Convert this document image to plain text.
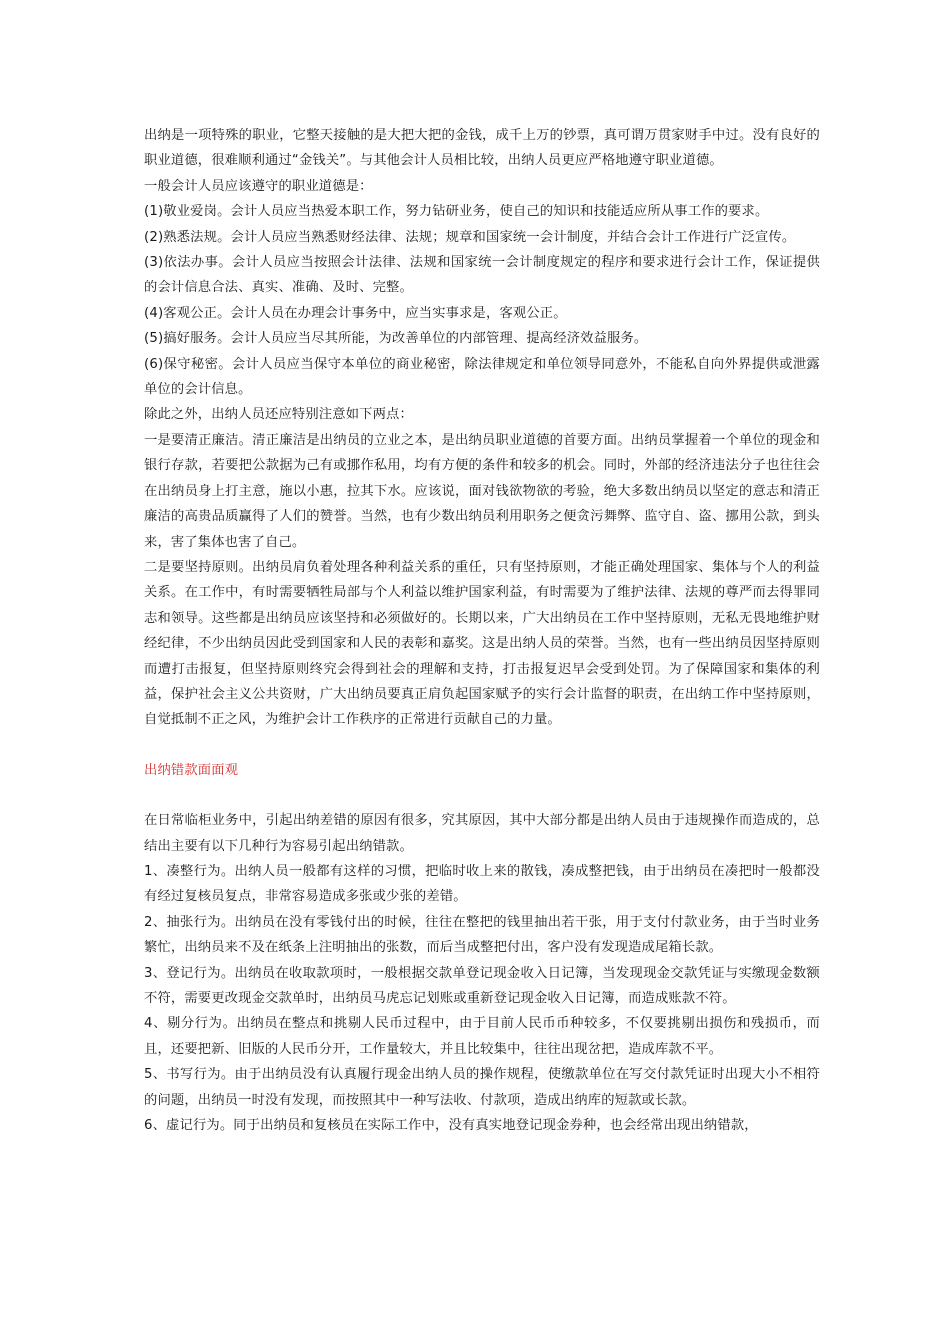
出纳是一项特殊的职业，它整天接触的是大把大把的金钱，成千上万的钞票，真可谓万贯家财手中过。没有良好的职业道德，很难顺利通过“金钱关”。与其他会计人员相比较，出纳人员更应严格地遵守职业道德。

一般会计人员应该遵守的职业道德是：

(1)敬业爱岗。会计人员应当热爱本职工作，努力钻研业务，使自己的知识和技能适应所从事工作的要求。

(2)熟悉法规。会计人员应当熟悉财经法律、法规；规章和国家统一会计制度，并结合会计工作进行广泛宣传。

(3)依法办事。会计人员应当按照会计法律、法规和国家统一会计制度规定的程序和要求进行会计工作，保证提供的会计信息合法、真实、准确、及时、完整。

(4)客观公正。会计人员在办理会计事务中，应当实事求是，客观公正。

(5)搞好服务。会计人员应当尽其所能，为改善单位的内部管理、提高经济效益服务。

(6)保守秘密。会计人员应当保守本单位的商业秘密，除法律规定和单位领导同意外，不能私自向外界提供或泄露单位的会计信息。

除此之外，出纳人员还应特别注意如下两点：

一是要清正廉洁。清正廉洁是出纳员的立业之本，是出纳员职业道德的首要方面。出纳员掌握着一个单位的现金和银行存款，若要把公款据为己有或挪作私用，均有方便的条件和较多的机会。同时，外部的经济违法分子也往往会在出纳员身上打主意，施以小惠，拉其下水。应该说，面对钱欲物欲的考验，绝大多数出纳员以坚定的意志和清正廉洁的高贵品质赢得了人们的赞誉。当然，也有少数出纳员利用职务之便贪污舞弊、监守自、盗、挪用公款，到头来，害了集体也害了自己。

二是要坚持原则。出纳员肩负着处理各种利益关系的重任，只有坚持原则，才能正确处理国家、集体与个人的利益关系。在工作中，有时需要牺牲局部与个人利益以维护国家利益，有时需要为了维护法律、法规的尊严而去得罪同志和领导。这些都是出纳员应该坚持和必须做好的。长期以来，广大出纳员在工作中坚持原则，无私无畏地维护财经纪律，不少出纳员因此受到国家和人民的表彰和嘉奖。这是出纳人员的荣誉。当然，也有一些出纳员因坚持原则而遭打击报复，但坚持原则终究会得到社会的理解和支持，打击报复迟早会受到处罚。为了保障国家和集体的利益，保护社会主义公共资财，广大出纳员要真正肩负起国家赋予的实行会计监督的职责，在出纳工作中坚持原则，自觉抵制不正之风，为维护会计工作秩序的正常进行贡献自己的力量。

出纳错款面面观

在日常临柜业务中，引起出纳差错的原因有很多，究其原因，其中大部分都是出纳人员由于违规操作而造成的，总结出主要有以下几种行为容易引起出纳错款。

1、凑整行为。出纳人员一般都有这样的习惯，把临时收上来的散钱，凑成整把钱，由于出纳员在凑把时一般都没有经过复核员复点，非常容易造成多张或少张的差错。

2、抽张行为。出纳员在没有零钱付出的时候，往往在整把的钱里抽出若干张，用于支付付款业务，由于当时业务繁忙，出纳员来不及在纸条上注明抽出的张数，而后当成整把付出，客户没有发现造成尾箱长款。

3、登记行为。出纳员在收取款项时，一般根据交款单登记现金收入日记簿，当发现现金交款凭证与实缴现金数额不符，需要更改现金交款单时，出纳员马虎忘记划账或重新登记现金收入日记簿，而造成账款不符。

4、剔分行为。出纳员在整点和挑剔人民币过程中，由于目前人民币币种较多，不仅要挑剔出损伤和残损币，而且，还要把新、旧版的人民币分开，工作量较大，并且比较集中，往往出现岔把，造成库款不平。

5、书写行为。由于出纳员没有认真履行现金出纳人员的操作规程，使缴款单位在写交付款凭证时出现大小不相符的问题，出纳员一时没有发现，而按照其中一种写法收、付款项，造成出纳库的短款或长款。

6、虚记行为。同于出纳员和复核员在实际工作中，没有真实地登记现金券种，也会经常出现出纳错款，
